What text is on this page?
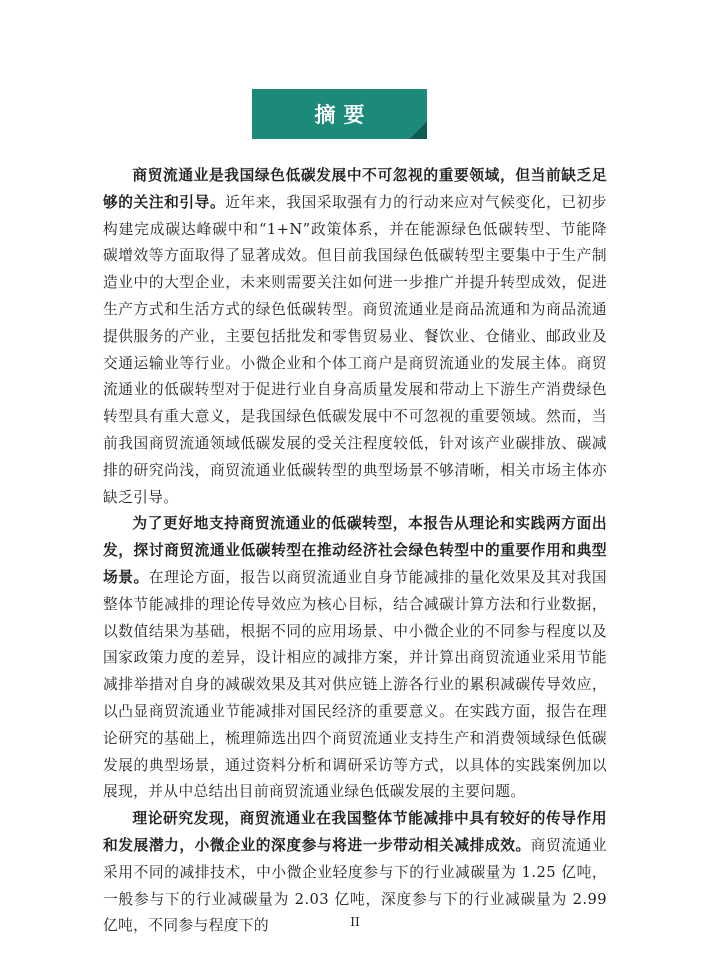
摘要

商贸流通业是我国绿色低碳发展中不可忽视的重要领域，但当前缺乏足够的关注和引导。近年来，我国采取强有力的行动来应对气候变化，已初步构建完成碳达峰碳中和“1+N”政策体系，并在能源绿色低碳转型、节能降碳增效等方面取得了显著成效。但目前我国绿色低碳转型主要集中于生产制造业中的大型企业，未来则需要关注如何进一步推广并提升转型成效，促进生产方式和生活方式的绿色低碳转型。商贸流通业是商品流通和为商品流通提供服务的产业，主要包括批发和零售贸易业、餐饮业、仓储业、邮政业及交通运输业等行业。小微企业和个体工商户是商贸流通业的发展主体。商贸流通业的低碳转型对于促进行业自身高质量发展和带动上下游生产消费绿色转型具有重大意义，是我国绿色低碳发展中不可忽视的重要领域。然而，当前我国商贸流通领域低碳发展的受关注程度较低，针对该产业碳排放、碳减排的研究尚浅，商贸流通业低碳转型的典型场景不够清晰，相关市场主体亦缺乏引导。

为了更好地支持商贸流通业的低碳转型，本报告从理论和实践两方面出发，探讨商贸流通业低碳转型在推动经济社会绿色转型中的重要作用和典型场景。在理论方面，报告以商贸流通业自身节能减排的量化效果及其对我国整体节能减排的理论传导效应为核心目标，结合减碳计算方法和行业数据，以数值结果为基础，根据不同的应用场景、中小微企业的不同参与程度以及国家政策力度的差异，设计相应的减排方案，并计算出商贸流通业采用节能减排举措对自身的减碳效果及其对供应链上游各行业的累积减碳传导效应，以凸显商贸流通业节能减排对国民经济的重要意义。在实践方面，报告在理论研究的基础上，梳理筛选出四个商贸流通业支持生产和消费领域绿色低碳发展的典型场景，通过资料分析和调研采访等方式，以具体的实践案例加以展现，并从中总结出目前商贸流通业绿色低碳发展的主要问题。

理论研究发现，商贸流通业在我国整体节能减排中具有较好的传导作用和发展潜力，小微企业的深度参与将进一步带动相关减排成效。商贸流通业采用不同的减排技术，中小微企业轻度参与下的行业减碳量为 1.25 亿吨，一般参与下的行业减碳量为 2.03 亿吨，深度参与下的行业减碳量为 2.99 亿吨，不同参与程度下的	II
